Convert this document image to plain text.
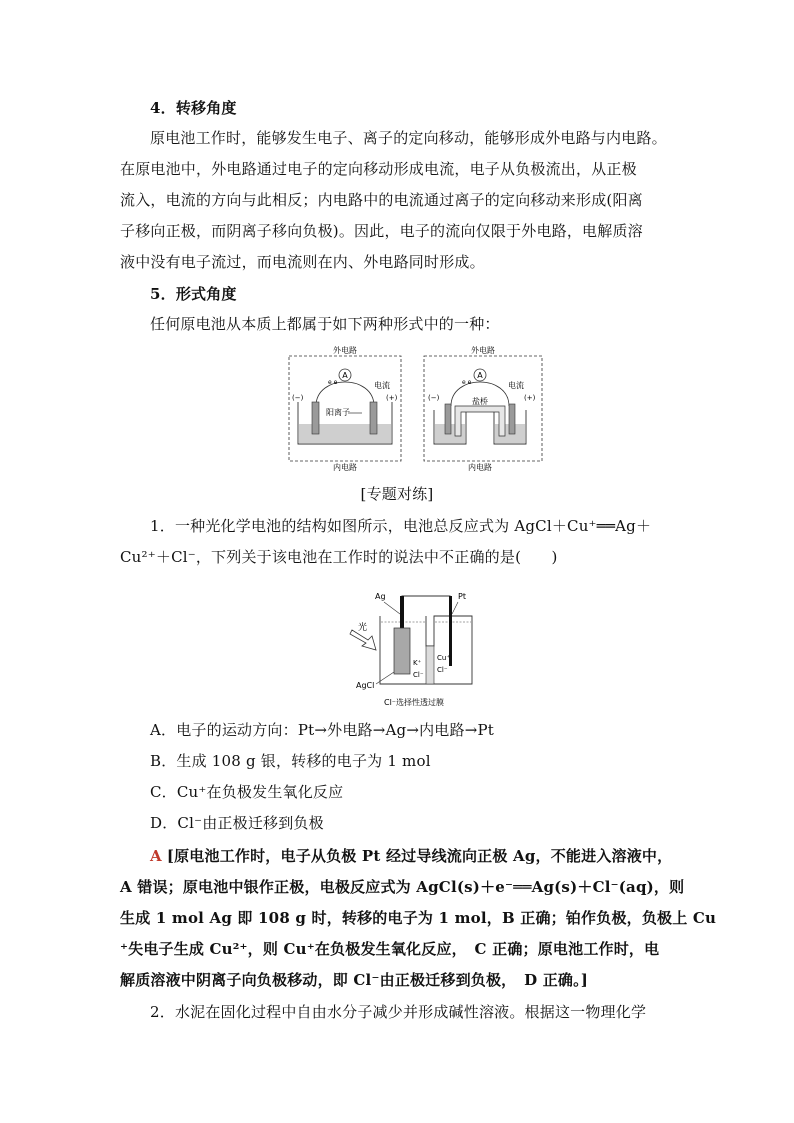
4．转移角度
原电池工作时，能够发生电子、离子的定向移动，能够形成外电路与内电路。
在原电池中，外电路通过电子的定向移动形成电流，电子从负极流出，从正极
流入，电流的方向与此相反；内电路中的电流通过离子的定向移动来形成(阳离
子移向正极，而阴离子移向负极)。因此，电子的流向仅限于外电路，电解质溶
液中没有电子流过，而电流则在内、外电路同时形成。
5．形式角度
任何原电池从本质上都属于如下两种形式中的一种：
外电路
A
e e	电流
(−)	(+)
阳离子
内电路
外电路
A
e e	电流
(−)	(+)
盐桥
内电路
[专题对练]
1．一种光化学电池的结构如图所示，电池总反应式为 AgCl＋Cu⁺══Ag＋
Cu²⁺＋Cl⁻，下列关于该电池在工作时的说法中不正确的是(　　)
Ag	Pt
光
K⁺
Cl⁻
Cu⁺
Cl⁻
AgCl
Cl⁻选择性透过膜
A．电子的运动方向：Pt→外电路→Ag→内电路→Pt
B．生成 108 g 银，转移的电子为 1 mol
C．Cu⁺在负极发生氧化反应
D．Cl⁻由正极迁移到负极
A [原电池工作时，电子从负极 Pt 经过导线流向正极 Ag，不能进入溶液中，
A 错误；原电池中银作正极，电极反应式为 AgCl(s)＋e⁻══Ag(s)＋Cl⁻(aq)，则
生成 1 mol Ag 即 108 g 时，转移的电子为 1 mol，B 正确；铂作负极，负极上 Cu
⁺失电子生成 Cu²⁺，则 Cu⁺在负极发生氧化反应，　C 正确；原电池工作时，电
解质溶液中阴离子向负极移动，即 Cl⁻由正极迁移到负极，　D 正确。]
2．水泥在固化过程中自由水分子减少并形成碱性溶液。根据这一物理化学
